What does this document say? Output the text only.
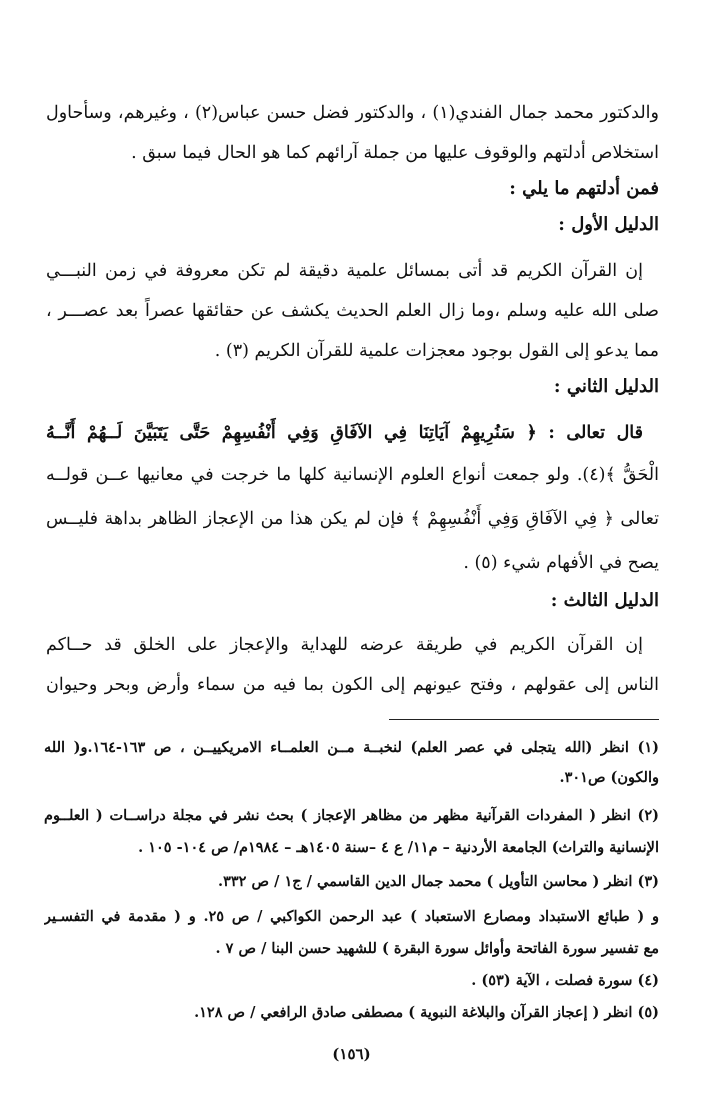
والدكتور محمد جمال الفندي(١) ، والدكتور فضل حسن عباس(٢) ، وغيرهم، وسأحاول
استخلاص أدلتهم والوقوف عليها من جملة آرائهم كما هو الحال فيما سبق .
فمن أدلتهم ما يلي :
الدليل الأول :
إن القرآن الكريم قد أتى بمسائل علمية دقيقة لم تكن معروفة في زمن النبـــي
صلى الله عليه وسلم ،وما زال العلم الحديث يكشف عن حقائقها عصراً بعد عصـــر ،
مما يدعو إلى القول بوجود معجزات علمية للقرآن الكريم (٣) .
الدليل الثاني :
قال تعالى : ﴿ سَنُرِيهِمْ آيَاتِنَا فِي الآفَاقِ وَفِي أَنْفُسِهِمْ حَتَّى يَتَبَيَّنَ لَــهُمْ أَنَّــهُ
الْحَقُّ ﴾(٤). ولو جمعت أنواع العلوم الإنسانية كلها ما خرجت في معانيها عــن قولــه
تعالى ﴿ فِي الآفَاقِ وَفِي أَنْفُسِهِمْ ﴾ فإن لم يكن هذا من الإعجاز الظاهر بداهة فليــس
يصح في الأفهام شيء (٥) .
الدليل الثالث :
إن القرآن الكريم في طريقة عرضه للهداية والإعجاز على الخلق قد حــاكم
الناس إلى عقولهم ، وفتح عيونهم إلى الكون بما فيه من سماء وأرض وبحر وحيوان
(١) انظر (الله يتجلى في عصر العلم) لنخبــة مــن العلمــاء الامريكييــن ، ص ١٦٣-١٦٤.و( الله
والكون) ص٣٠١.
(٢) انظر ( المفردات القرآنية مظهر من مظاهر الإعجاز ) بحث نشر في مجلة دراســات ( العلــوم
الإنسانية والتراث) الجامعة الأردنية – م١١/ ع ٤ –سنة ١٤٠٥هـ – ١٩٨٤م/ ص ١٠٤- ١٠٥ .
(٣) انظر ( محاسن التأويل ) محمد جمال الدين القاسمي / ج١ / ص ٣٣٢.
و ( طبائع الاستبداد ومصارع الاستعباد ) عبد الرحمن الكواكبي / ص ٢٥. و ( مقدمة في التفسـير
مع تفسير سورة الفاتحة وأوائل سورة البقرة ) للشهيد حسن البنا / ص ٧ .
(٤) سورة فصلت ، الآية (٥٣) .
(٥) انظر ( إعجاز القرآن والبلاغة النبوية ) مصطفى صادق الرافعي / ص ١٢٨.
(١٥٦)
